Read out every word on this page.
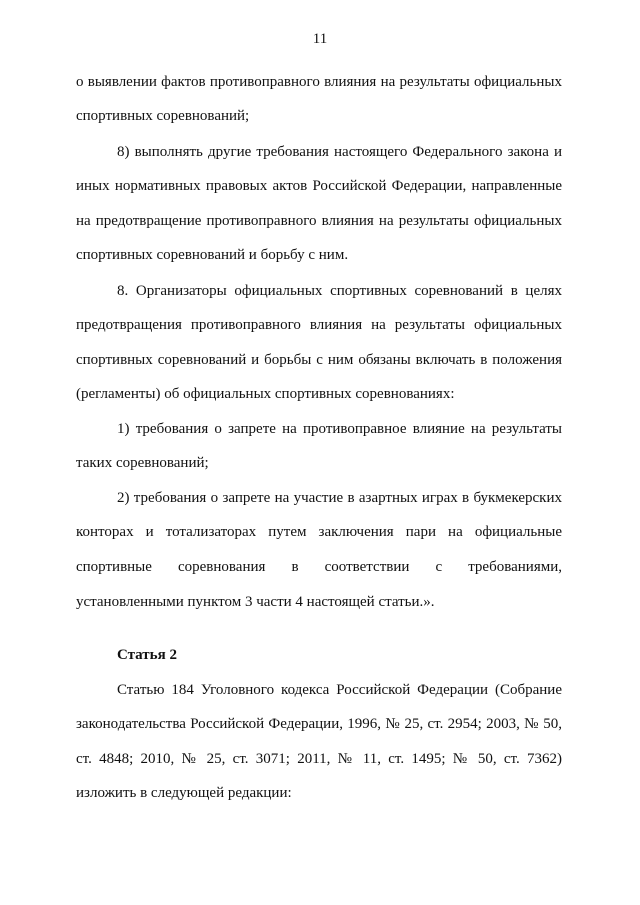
11
о выявлении фактов противоправного влияния на результаты официальных
спортивных соревнований;
8) выполнять другие требования настоящего Федерального закона и
иных нормативных правовых актов Российской Федерации, направленные
на предотвращение противоправного влияния на результаты официальных
спортивных соревнований и борьбу с ним.
8. Организаторы официальных спортивных соревнований в целях
предотвращения противоправного влияния на результаты официальных
спортивных соревнований и борьбы с ним обязаны включать в положения
(регламенты) об официальных спортивных соревнованиях:
1) требования о запрете на противоправное влияние на результаты
таких соревнований;
2) требования о запрете на участие в азартных играх в букмекерских
конторах и тотализаторах путем заключения пари на официальные
спортивные соревнования в соответствии с требованиями,
установленными пунктом 3 части 4 настоящей статьи.».
Статья 2
Статью 184 Уголовного кодекса Российской Федерации (Собрание
законодательства Российской Федерации, 1996, № 25, ст. 2954; 2003, № 50,
ст. 4848; 2010, № 25, ст. 3071; 2011, № 11, ст. 1495; № 50, ст. 7362)
изложить в следующей редакции:
